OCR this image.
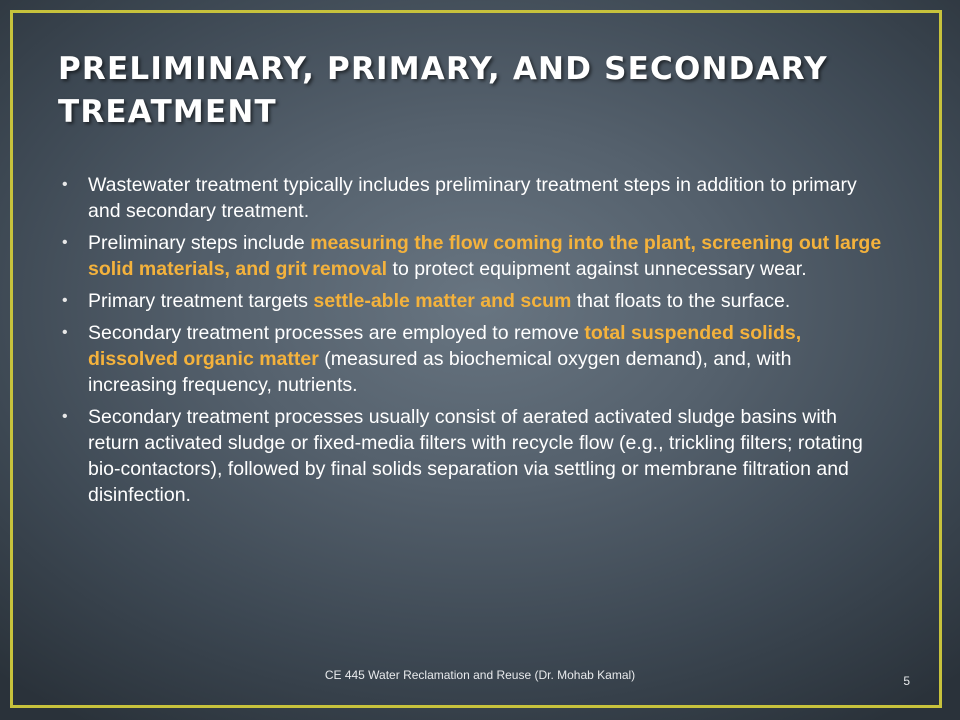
PRELIMINARY, PRIMARY, AND SECONDARY TREATMENT
• Wastewater treatment typically includes preliminary treatment steps in addition to primary and secondary treatment.
• Preliminary steps include measuring the flow coming into the plant, screening out large solid materials, and grit removal to protect equipment against unnecessary wear.
• Primary treatment targets settle-able matter and scum that floats to the surface.
• Secondary treatment processes are employed to remove total suspended solids, dissolved organic matter (measured as biochemical oxygen demand), and, with increasing frequency, nutrients.
• Secondary treatment processes usually consist of aerated activated sludge basins with return activated sludge or fixed-media filters with recycle flow (e.g., trickling filters; rotating bio-contactors), followed by final solids separation via settling or membrane filtration and disinfection.
CE 445 Water Reclamation and Reuse (Dr. Mohab Kamal)	5
